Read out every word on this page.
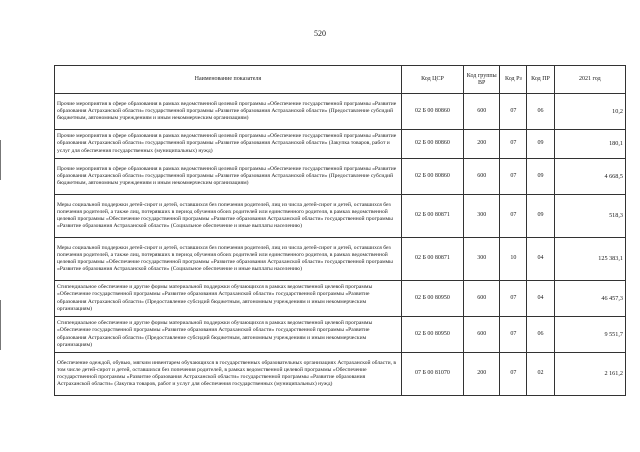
520
Наименование показателя	Код ЦСР	Код группы ВР	Код Рз	Код ПР	2021 год
Прочие мероприятия в сфере образования в рамках ведомственной целевой программы «Обеспечение государственной программы «Развитие образования Астраханской области» государственной программы «Развитие образования Астраханской области» (Предоставление субсидий бюджетным, автономным учреждениям и иным некоммерческим организациям)	02 Б 00 80860	600	07	06	10,2
Прочие мероприятия в сфере образования в рамках ведомственной целевой программы «Обеспечение государственной программы «Развитие образования Астраханской области» государственной программы «Развитие образования Астраханской области» (Закупка товаров, работ и услуг для обеспечения государственных (муниципальных) нужд)	02 Б 00 80860	200	07	09	180,1
Прочие мероприятия в сфере образования в рамках ведомственной целевой программы «Обеспечение государственной программы «Развитие образования Астраханской области» государственной программы «Развитие образования Астраханской области» (Предоставление субсидий бюджетным, автономным учреждениям и иным некоммерческим организациям)	02 Б 00 80860	600	07	09	4 668,5
Меры социальной поддержки детей-сирот и детей, оставшихся без попечения родителей, лиц из числа детей-сирот и детей, оставшихся без попечения родителей, а также лиц, потерявших в период обучения обоих родителей или единственного родителя, в рамках ведомственной целевой программы «Обеспечение государственной программы «Развитие образования Астраханской области» государственной программы «Развитие образования Астраханской области» (Социальное обеспечение и иные выплаты населению)	02 Б 00 80871	300	07	09	518,3
Меры социальной поддержки детей-сирот и детей, оставшихся без попечения родителей, лиц из числа детей-сирот и детей, оставшихся без попечения родителей, а также лиц, потерявших в период обучения обоих родителей или единственного родителя, в рамках ведомственной целевой программы «Обеспечение государственной программы «Развитие образования Астраханской области» государственной программы «Развитие образования Астраханской области» (Социальное обеспечение и иные выплаты населению)	02 Б 00 80871	300	10	04	125 383,1
Стипендиальное обеспечение и другие формы материальной поддержки обучающихся в рамках ведомственной целевой программы «Обеспечение государственной программы «Развитие образования Астраханской области» государственной программы «Развитие образования Астраханской области» (Предоставление субсидий бюджетным, автономным учреждениям и иным некоммерческим организациям)	02 Б 00 80950	600	07	04	46 457,3
Стипендиальное обеспечение и другие формы материальной поддержки обучающихся в рамках ведомственной целевой программы «Обеспечение государственной программы «Развитие образования Астраханской области» государственной программы «Развитие образования Астраханской области» (Предоставление субсидий бюджетным, автономным учреждениям и иным некоммерческим организациям)	02 Б 00 80950	600	07	06	9 551,7
Обеспечение одеждой, обувью, мягким инвентарем обучающихся в государственных образовательных организациях Астраханской области, в том числе детей-сирот и детей, оставшихся без попечения родителей, в рамках ведомственной целевой программы «Обеспечение государственной программы «Развитие образования Астраханской области» государственной программы «Развитие образования Астраханской области» (Закупка товаров, работ и услуг для обеспечения государственных (муниципальных) нужд)	07 Б 00 81070	200	07	02	2 161,2
